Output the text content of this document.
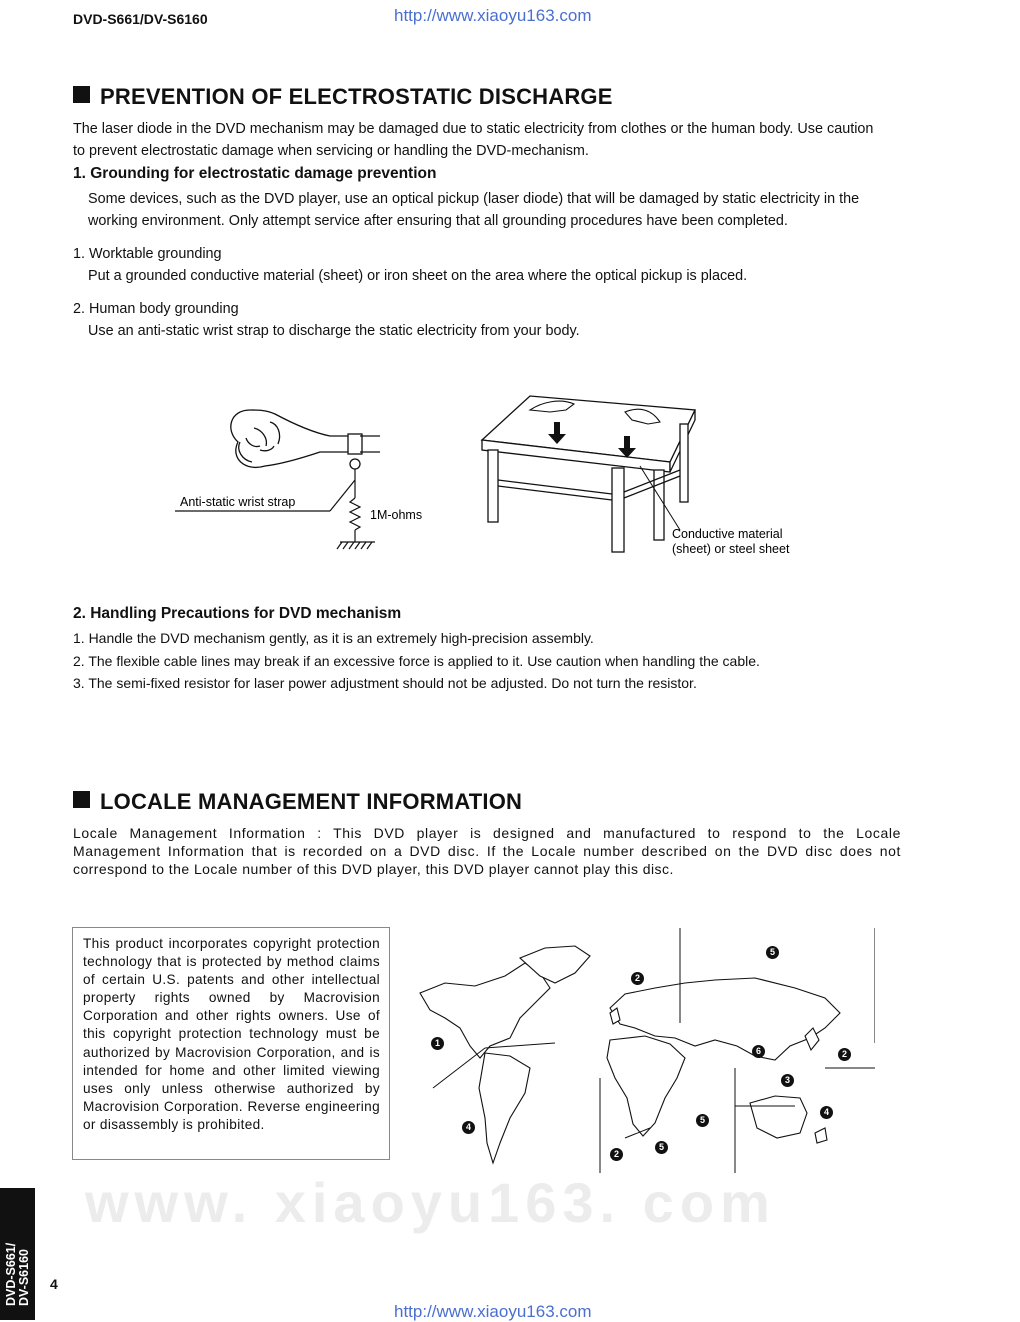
DVD-S661/DV-S6160	http://www.xiaoyu163.com
www. xiaoyu163. com
PREVENTION OF ELECTROSTATIC DISCHARGE
The laser diode in the DVD mechanism may be damaged due to static electricity from clothes or the human body. Use caution
to prevent electrostatic damage when servicing or handling the DVD-mechanism.
1. Grounding for electrostatic damage prevention
Some devices, such as the DVD player, use an optical pickup (laser diode) that will be damaged by static electricity in the
working environment. Only attempt service after ensuring that all grounding procedures have been completed.
1. Worktable grounding
Put a grounded conductive material (sheet) or iron sheet on the area where the optical pickup is placed.
2. Human body grounding
Use an anti-static wrist strap to discharge the static electricity from your body.
Anti-static wrist strap
1M-ohms
Conductive material
(sheet) or steel sheet
2. Handling Precautions for DVD mechanism
1. Handle the DVD mechanism gently, as it is an extremely high-precision assembly.
2. The flexible cable lines may break if an excessive force is applied to it. Use caution when handling the cable.
3. The semi-fixed resistor for laser power adjustment should not be adjusted. Do not turn the resistor.
LOCALE MANAGEMENT INFORMATION
Locale Management Information : This DVD player is designed and manufactured to respond to the Locale
Management Information that is recorded on a DVD disc. If the Locale number described on the DVD disc does not
correspond to the Locale number of this DVD player, this DVD player cannot play this disc.
This product incorporates copyright protection technology that is protected by method claims of certain U.S. patents and other intellectual property rights owned by Macrovision Corporation and other rights owners. Use of this copyright protection technology must be authorized by Macrovision Corporation, and is intended for home and other limited viewing uses only unless otherwise authorized by Macrovision Corporation. Reverse engineering or disassembly is prohibited.
5
2
1
6	2
3
4
4
5
5
2
DVD-S661/ DV-S6160 4
http://www.xiaoyu163.com
